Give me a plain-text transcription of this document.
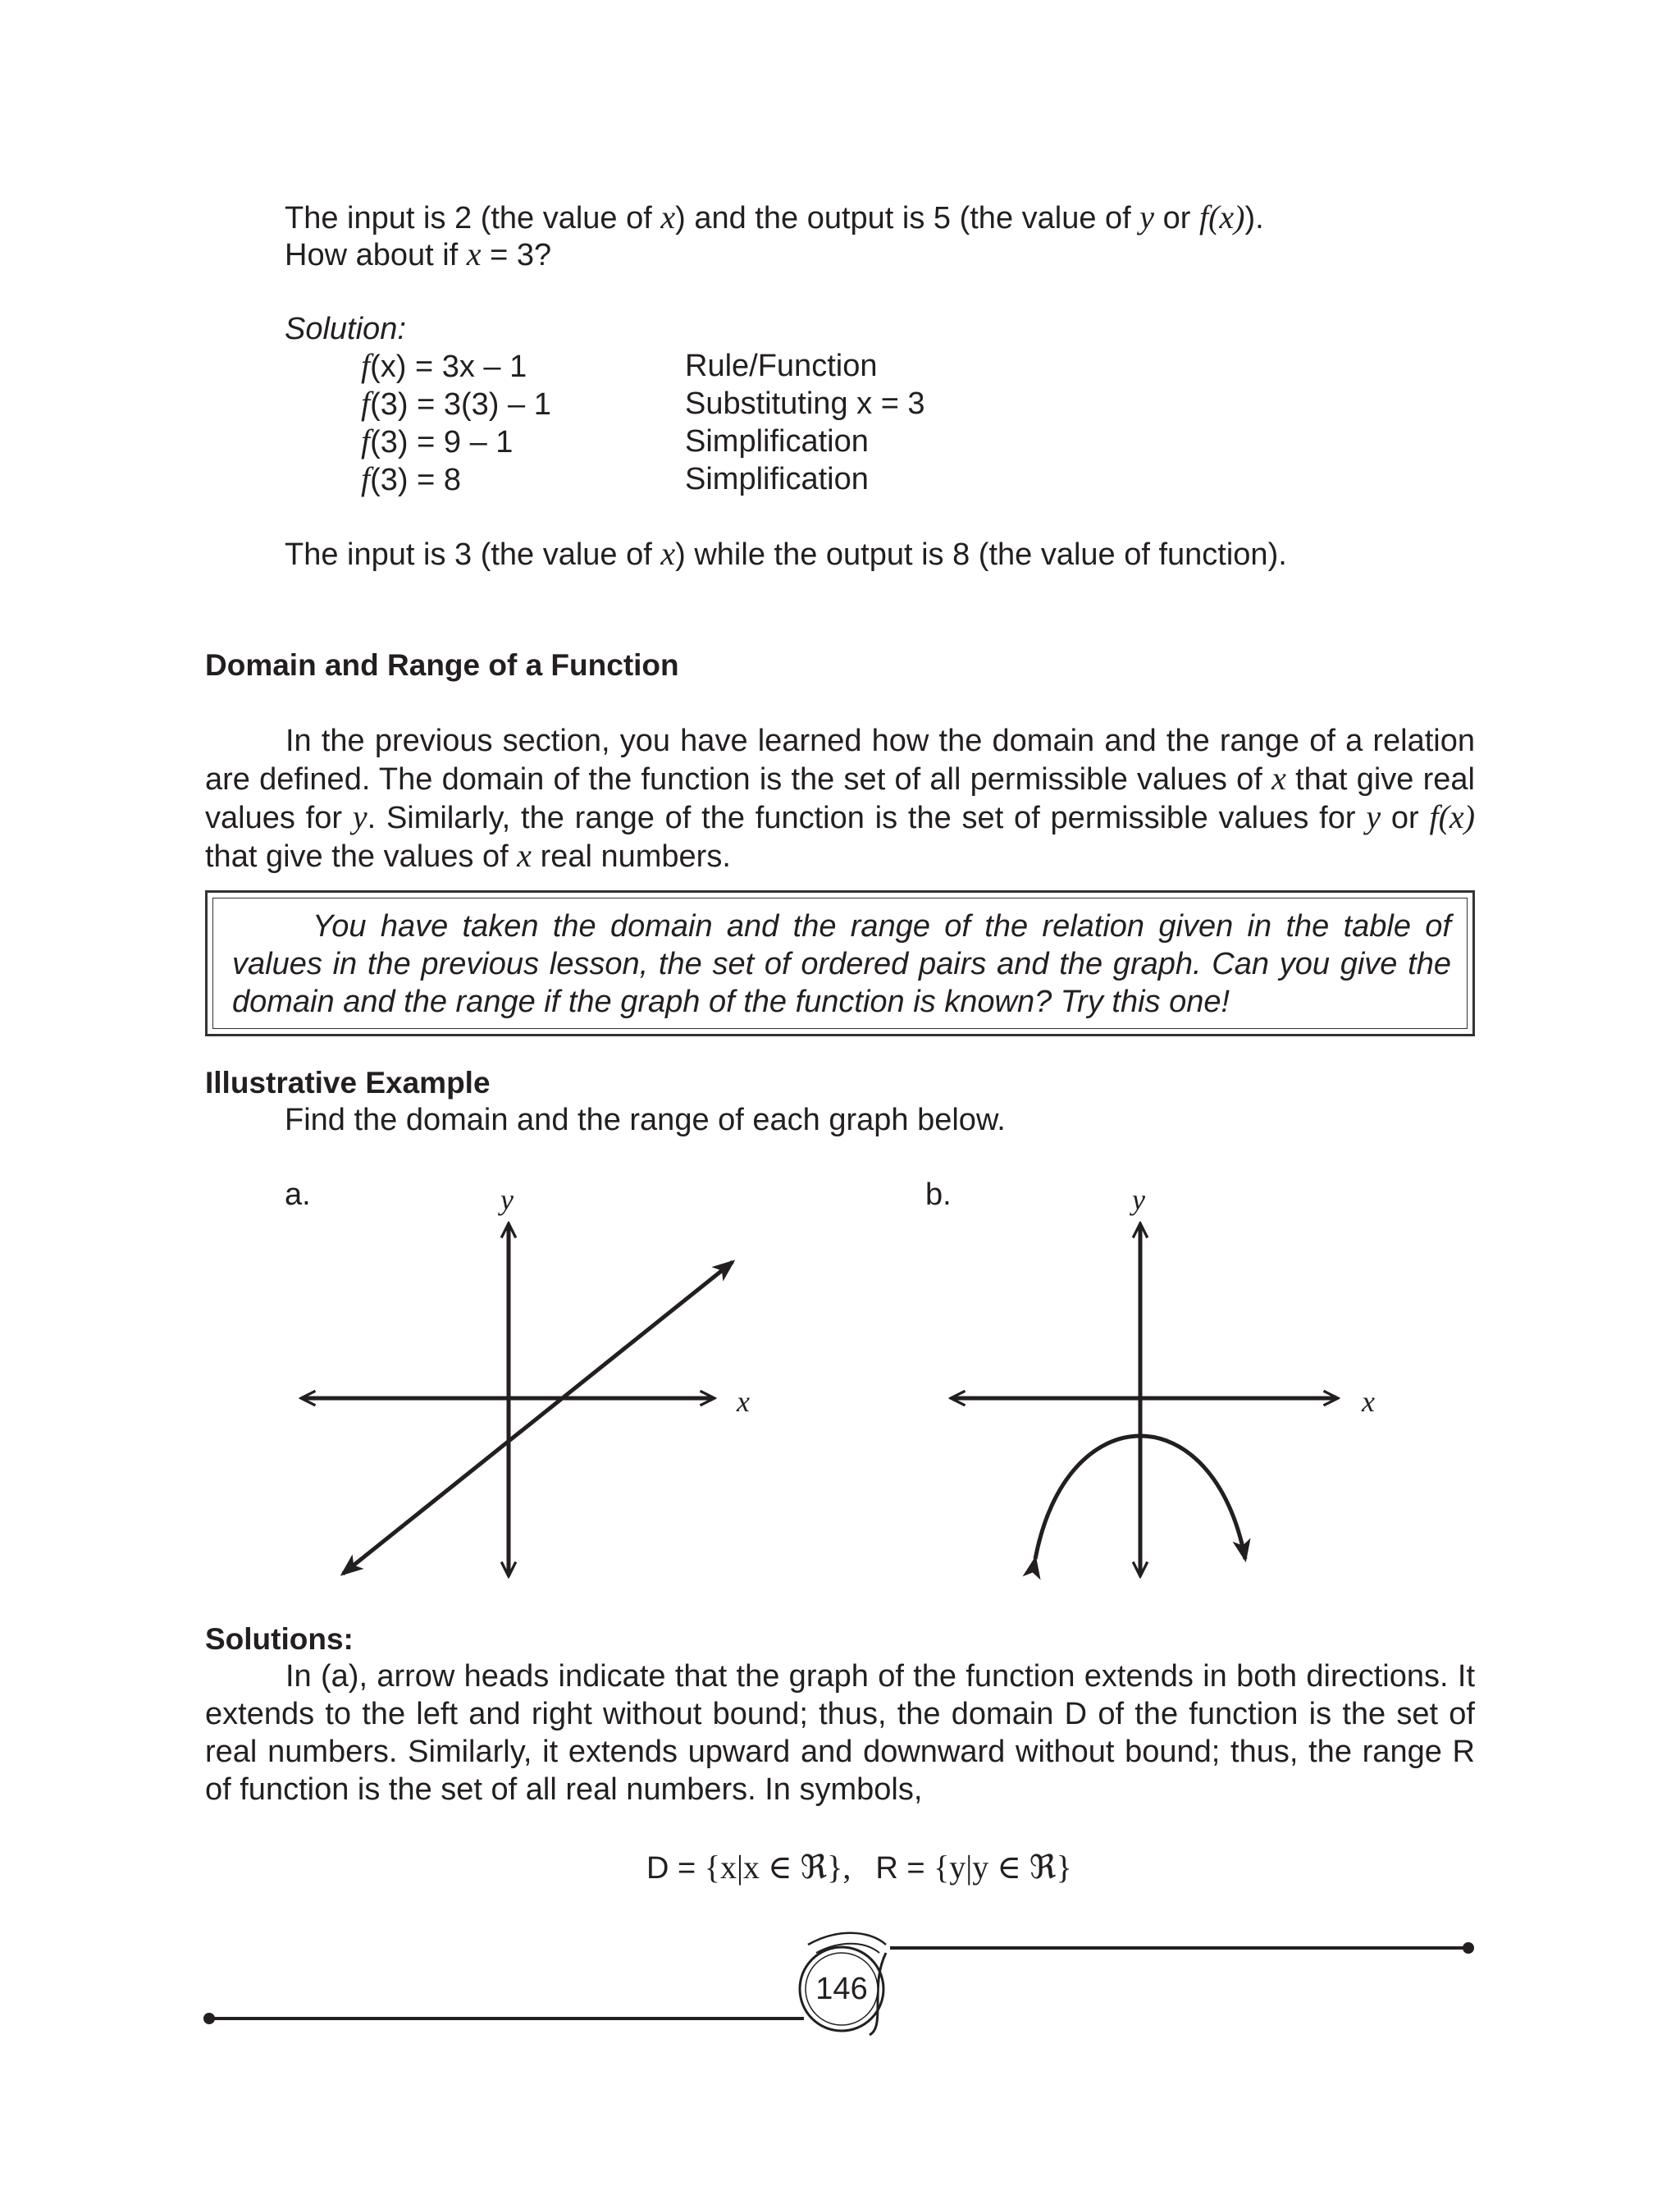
The input is 2 (the value of x) and the output is 5 (the value of y or f(x)).

How about if x = 3?

Solution:

f(x) = 3x – 1	Rule/Function
f(3) = 3(3) – 1	Substituting x = 3
f(3) = 9 – 1	Simplification
f(3) = 8	Simplification

The input is 3 (the value of x) while the output is 8 (the value of function).

Domain and Range of a Function

In the previous section, you have learned how the domain and the range of a relation are defined. The domain of the function is the set of all permissible values of x that give real values for y. Similarly, the range of the function is the set of permissible values for y or f(x) that give the values of x real numbers.

You have taken the domain and the range of the relation given in the table of values in the previous lesson, the set of ordered pairs and the graph. Can you give the domain and the range if the graph of the function is known? Try this one!

Illustrative Example

Find the domain and the range of each graph below.

a.	b.

y
x
y
x
Solutions:

In (a), arrow heads indicate that the graph of the function extends in both directions. It extends to the left and right without bound; thus, the domain D of the function is the set of real numbers. Similarly, it extends upward and downward without bound; thus, the range R of function is the set of all real numbers. In symbols,

D = {x|x ∈ ℜ}, R = {y|y ∈ ℜ}

146
